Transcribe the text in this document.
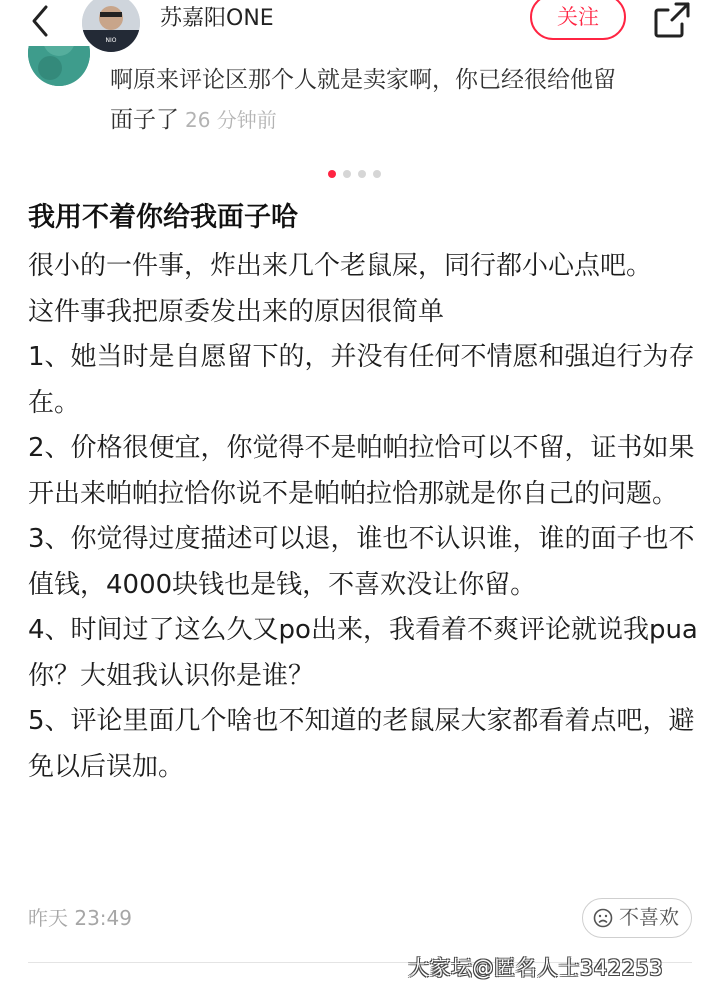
啊原来评论区那个人就是卖家啊，你已经很给他留面子了 26 分钟前
NIO
苏嘉阳ONE	关注
我用不着你给我面子哈

很小的一件事，炸出来几个老鼠屎，同行都小心点吧。

这件事我把原委发出来的原因很简单

1、她当时是自愿留下的，并没有任何不情愿和强迫行为存在。

2、价格很便宜，你觉得不是帕帕拉恰可以不留，证书如果开出来帕帕拉恰你说不是帕帕拉恰那就是你自己的问题。

3、你觉得过度描述可以退，谁也不认识谁，谁的面子也不值钱，4000块钱也是钱，不喜欢没让你留。

4、时间过了这么久又po出来，我看着不爽评论就说我pua你？大姐我认识你是谁？

5、评论里面几个啥也不知道的老鼠屎大家都看着点吧，避免以后误加。

昨天 23:49	不喜欢
大家坛@匿名人士342253
